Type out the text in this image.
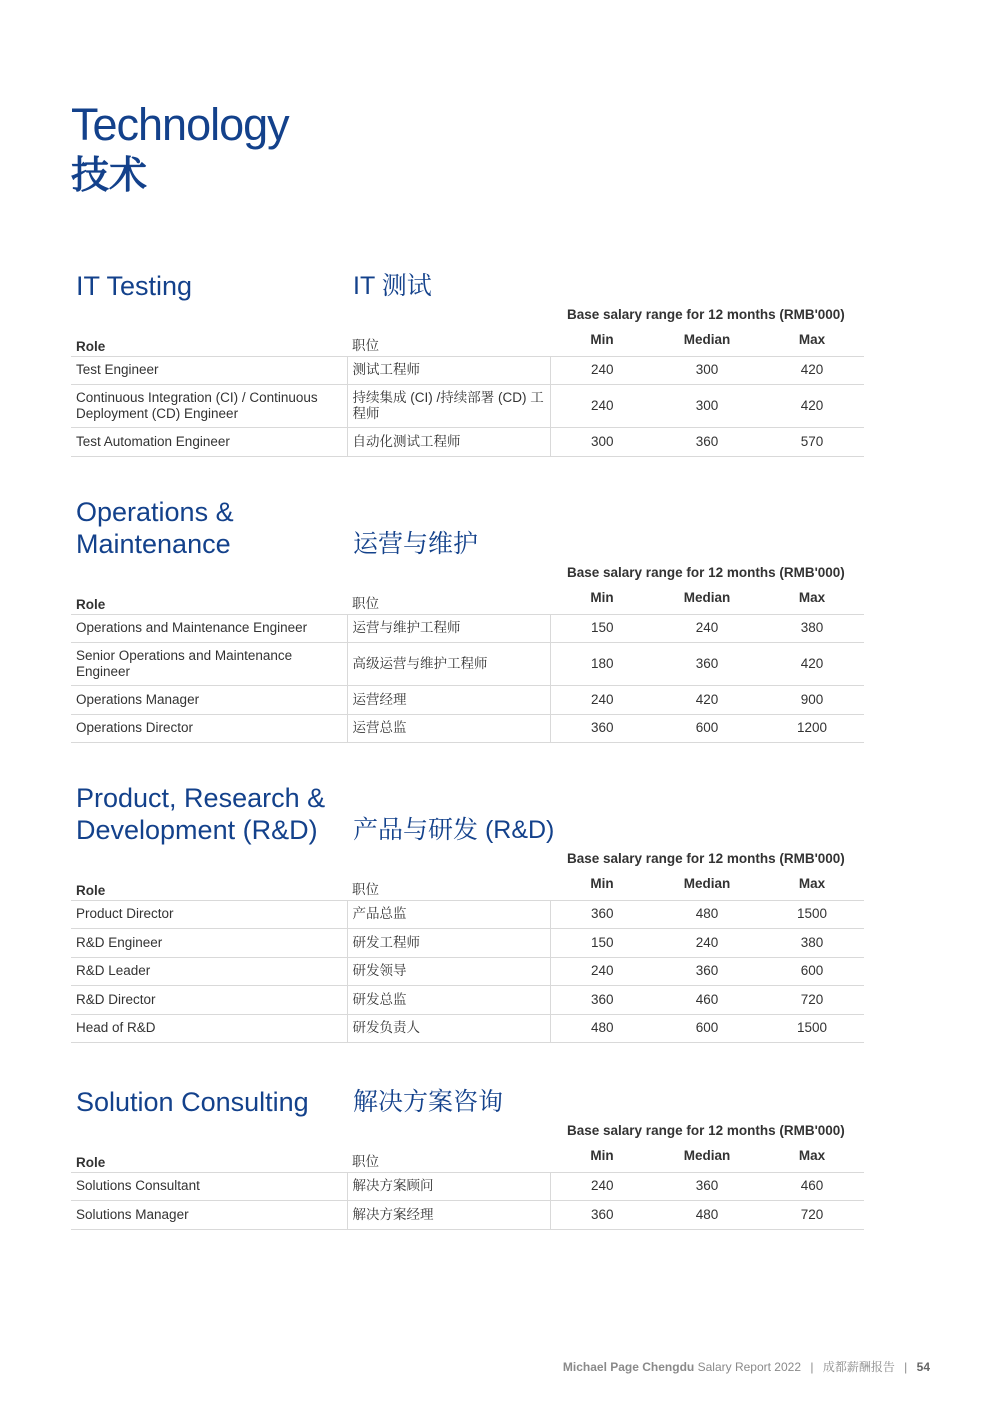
Technology
技术
IT Testing	IT 测试
Base salary range for 12 months (RMB'000)
Role	职位	Min	Median	Max
Test Engineer	测试工程师	240	300	420
Continuous Integration (CI) / Continuous Deployment (CD) Engineer	持续集成 (CI) /持续部署 (CD) 工程师	240	300	420
Test Automation Engineer	自动化测试工程师	300	360	570
Operations & Maintenance	运营与维护
Base salary range for 12 months (RMB'000)
Role	职位	Min	Median	Max
Operations and Maintenance Engineer	运营与维护工程师	150	240	380
Senior Operations and Maintenance Engineer	高级运营与维护工程师	180	360	420
Operations Manager	运营经理	240	420	900
Operations Director	运营总监	360	600	1200
Product, Research & Development (R&D)	产品与研发 (R&D)
Base salary range for 12 months (RMB'000)
Role	职位	Min	Median	Max
Product Director	产品总监	360	480	1500
R&D Engineer	研发工程师	150	240	380
R&D Leader	研发领导	240	360	600
R&D Director	研发总监	360	460	720
Head of R&D	研发负责人	480	600	1500
Solution Consulting 解决方案咨询
Base salary range for 12 months (RMB'000)
Role	职位	Min	Median	Max
Solutions Consultant	解决方案顾问	240	360	460
Solutions Manager	解决方案经理	360	480	720
Michael Page Chengdu Salary Report 2022 | 成都薪酬报告 | 54
